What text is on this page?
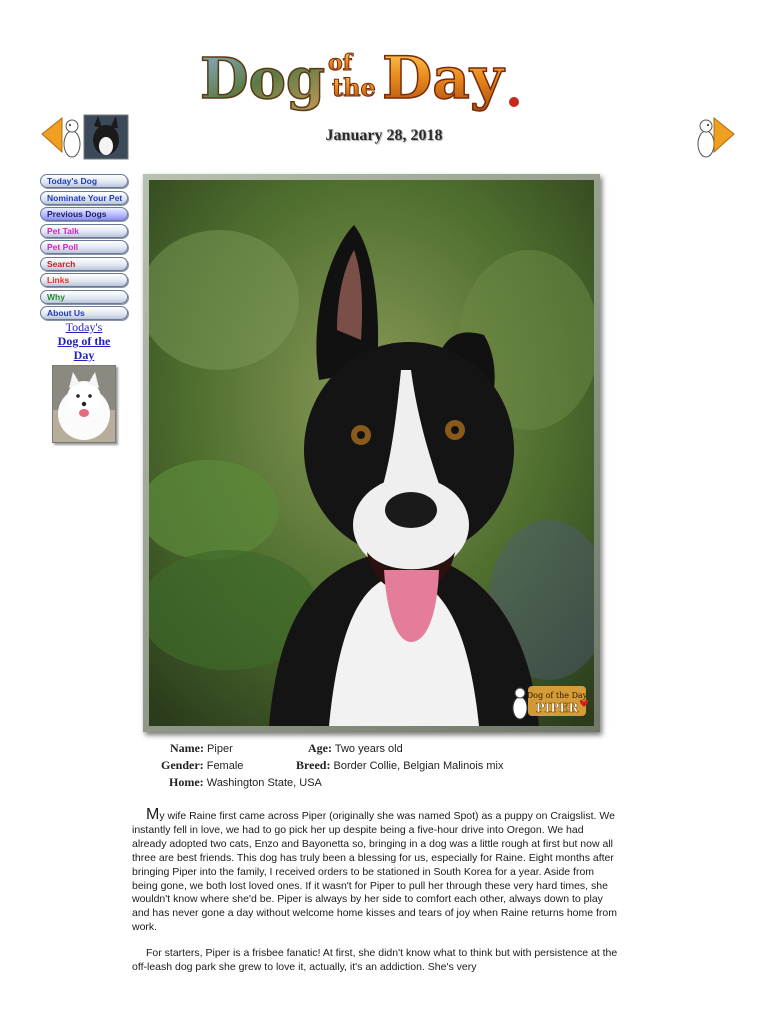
Dog of
the Day
January 28, 2018
Today's Dog
Nominate Your Pet
Previous Dogs
Pet Talk
Pet Poll
Search
Links
Why
About Us
Today's
Dog of the
Day
Dog of the Day
PIPER
Name: Piper	Age: Two years old
Gender: Female	Breed: Border Collie, Belgian Malinois mix
Home: Washington State, USA

My wife Raine first came across Piper (originally she was named Spot) as a puppy on Craigslist. We instantly fell in love, we had to go pick her up despite being a five-hour drive into Oregon. We had already adopted two cats, Enzo and Bayonetta so, bringing in a dog was a little rough at first but now all three are best friends. This dog has truly been a blessing for us, especially for Raine. Eight months after bringing Piper into the family, I received orders to be stationed in South Korea for a year. Aside from being gone, we both lost loved ones. If it wasn't for Piper to pull her through these very hard times, she wouldn't know where she'd be. Piper is always by her side to comfort each other, always down to play and has never gone a day without welcome home kisses and tears of joy when Raine returns home from work.

For starters, Piper is a frisbee fanatic! At first, she didn't know what to think but with persistence at the off-leash dog park she grew to love it, actually, it's an addiction. She's very
